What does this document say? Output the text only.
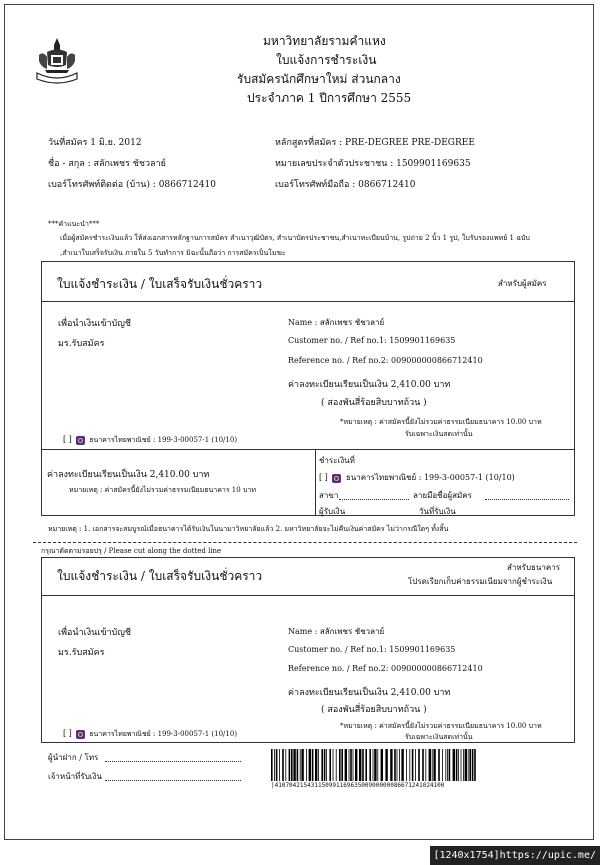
มหาวิทยาลัยรามคำแหง
ใบแจ้งการชำระเงิน
รับสมัครนักศึกษาใหม่ ส่วนกลาง
ประจำภาค 1 ปีการศึกษา 2555
วันที่สมัคร 1 มิ.ย. 2012
ชื่อ - สกุล : สลักเพชร ชัชวลาย์
เบอร์โทรศัพท์ติดต่อ (บ้าน) : 0866712410
หลักสูตรที่สมัคร : PRE-DEGREE PRE-DEGREE
หมายเลขประจำตัวประชาชน : 1509901169635
เบอร์โทรศัพท์มือถือ : 0866712410
***คำแนะนำ***
เมื่อผู้สมัครชำระเงินแล้ว ให้ส่งเอกสารหลักฐานการสมัคร สำเนาวุฒิบัตร, สำเนาบัตรประชาชน,สำเนาทะเบียนบ้าน, รูปถ่าย 2 นิ้ว 1 รูป, ใบรับรองแพทย์ 1 ฉบับ
,สำเนาใบเสร็จรับเงิน ภายใน 5 วันทำการ มิฉะนั้นถือว่า การสมัครเป็นโมฆะ
ใบแจ้งชำระเงิน / ใบเสร็จรับเงินชั่วคราว	สำหรับผู้สมัคร
เพื่อนำเงินเข้าบัญชี
มร.รับสมัคร
Name : สลักเพชร ชัชวลาย์
Customer no. / Ref no.1: 1509901169635
Reference no. / Ref no.2: 009000000866712410
ค่าลงทะเบียนเรียนเป็นเงิน 2,410.00 บาท
( สองพันสี่ร้อยสิบบาทถ้วน )
*หมายเหตุ : ค่าสมัครนี้ยังไม่รวมค่าธรรมเนียมธนาคาร 10.00 บาท
รับเฉพาะเงินสดเท่านั้น
[ ] ธนาคารไทยพาณิชย์ : 199-3-00057-1 (10/10)
ค่าลงทะเบียนเรียนเป็นเงิน 2,410.00 บาท
หมายเหตุ : ค่าสมัครนี้ยังไม่รวมค่าธรรมเนียมธนาคาร 10 บาท
ชำระเงินที่
[ ] ธนาคารไทยพาณิชย์ : 199-3-00057-1 (10/10)
สาขา	ลายมือชื่อผู้สมัคร
ผู้รับเงิน	วันที่รับเงิน
หมายเหตุ : 1. เอกสารจะสมบูรณ์เมื่อธนาคารได้รับเงินในนามาวิทยาลัยแล้ว 2. มหาวิทยาลัยจะไม่คืนเงินค่าสมัคร ไม่ว่ากรณีใดๆ ทั้งสิ้น
กรุณาตัดตามรอยปรุ / Please cut along the dotted line
ใบแจ้งชำระเงิน / ใบเสร็จรับเงินชั่วคราว
สำหรับธนาคาร
โปรดเรียกเก็บค่าธรรมเนียมจากผู้ชำระเงิน
เพื่อนำเงินเข้าบัญชี
มร.รับสมัคร
Name : สลักเพชร ชัชวลาย์
Customer no. / Ref no.1: 1509901169635
Reference no. / Ref no.2: 009000000866712410
ค่าลงทะเบียนเรียนเป็นเงิน 2,410.00 บาท
( สองพันสี่ร้อยสิบบาทถ้วน )
*หมายเหตุ : ค่าสมัครนี้ยังไม่รวมค่าธรรมเนียมธนาคาร 10.00 บาท
รับเฉพาะเงินสดเท่านั้น
[ ] ธนาคารไทยพาณิชย์ : 199-3-00057-1 (10/10)
ผู้นำฝาก / โทร
เจ้าหน้าที่รับเงิน
|41070421543115099116963500900000086671241024100
[1240x1754]https://upic.me/
